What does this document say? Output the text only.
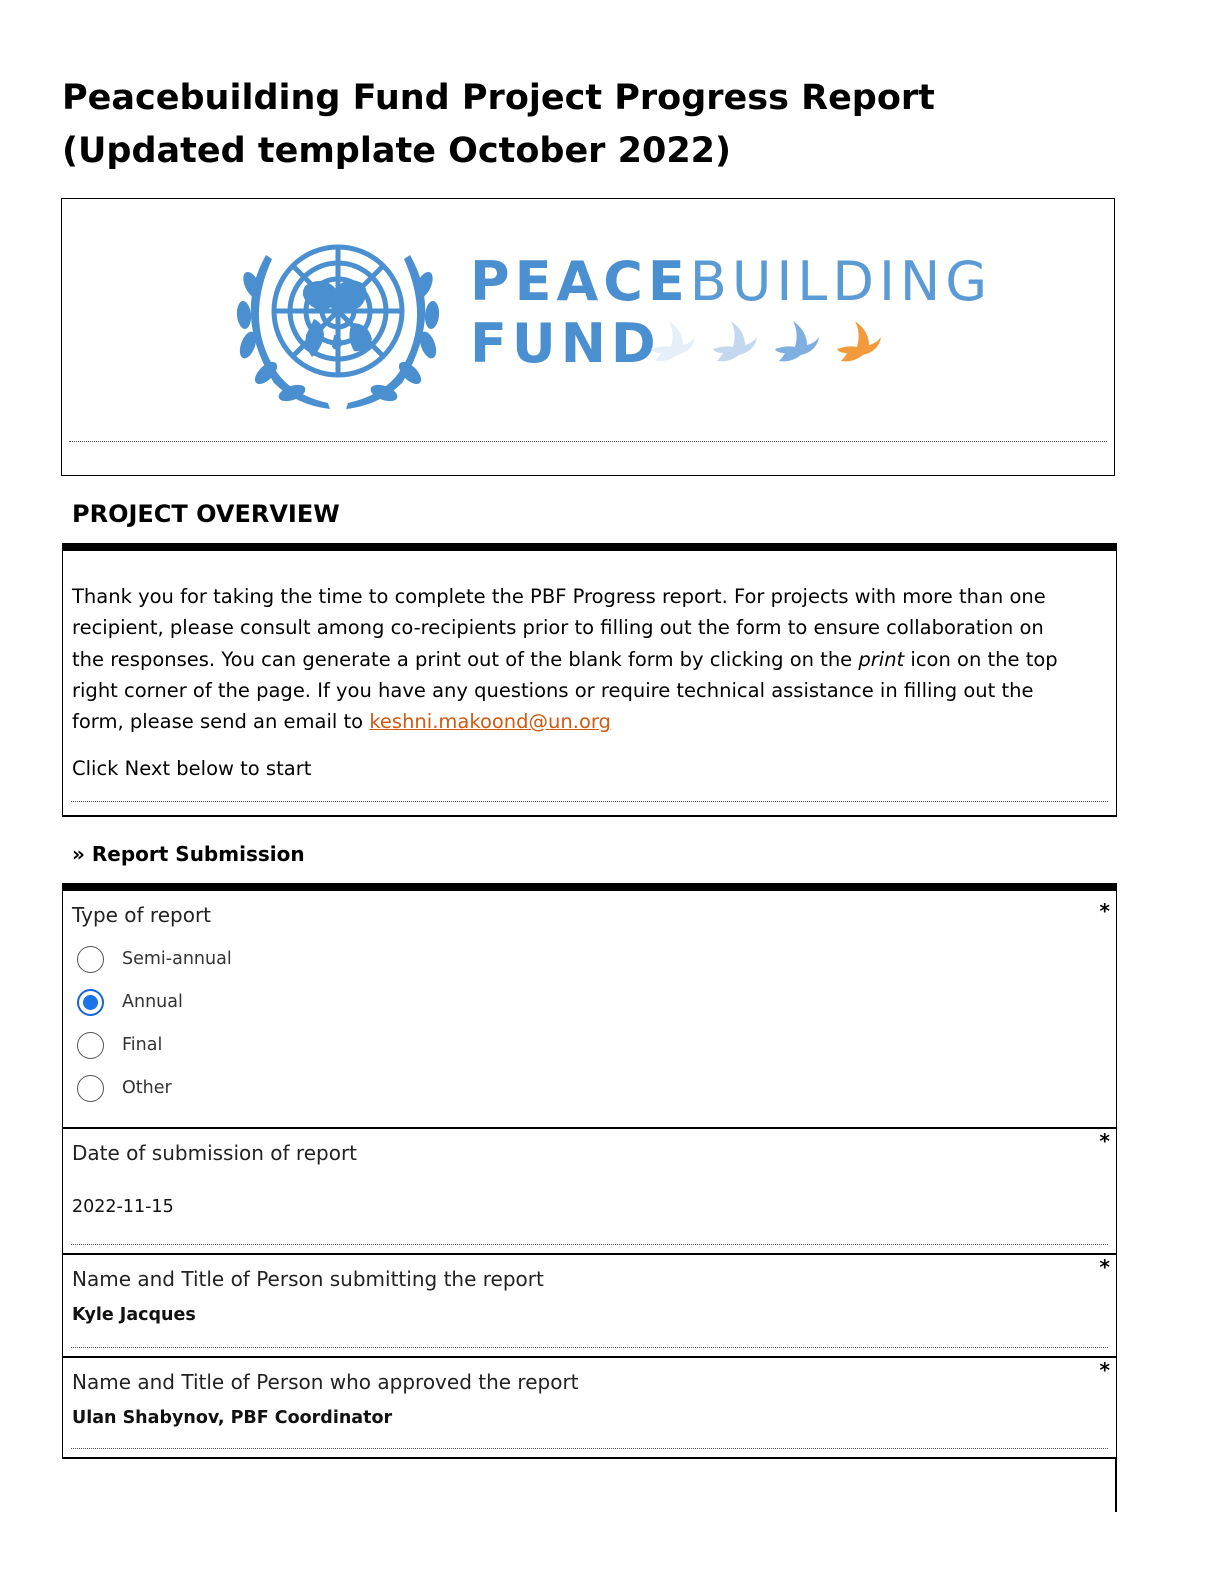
Peacebuilding Fund Project Progress Report (Updated template October 2022)
PEACEBUILDING
FUND
PROJECT OVERVIEW

Thank you for taking the time to complete the PBF Progress report. For projects with more than one recipient, please consult among co-recipients prior to filling out the form to ensure collaboration on the responses. You can generate a print out of the blank form by clicking on the print icon on the top right corner of the page. If you have any questions or require technical assistance in filling out the form, please send an email to keshni.makoond@un.org

Click Next below to start
» Report Submission
Type of report	*
Semi-annual
Annual
Final
Other
Date of submission of report	*
2022-11-15
Name and Title of Person submitting the report	*
Kyle Jacques
Name and Title of Person who approved the report	*
Ulan Shabynov, PBF Coordinator
